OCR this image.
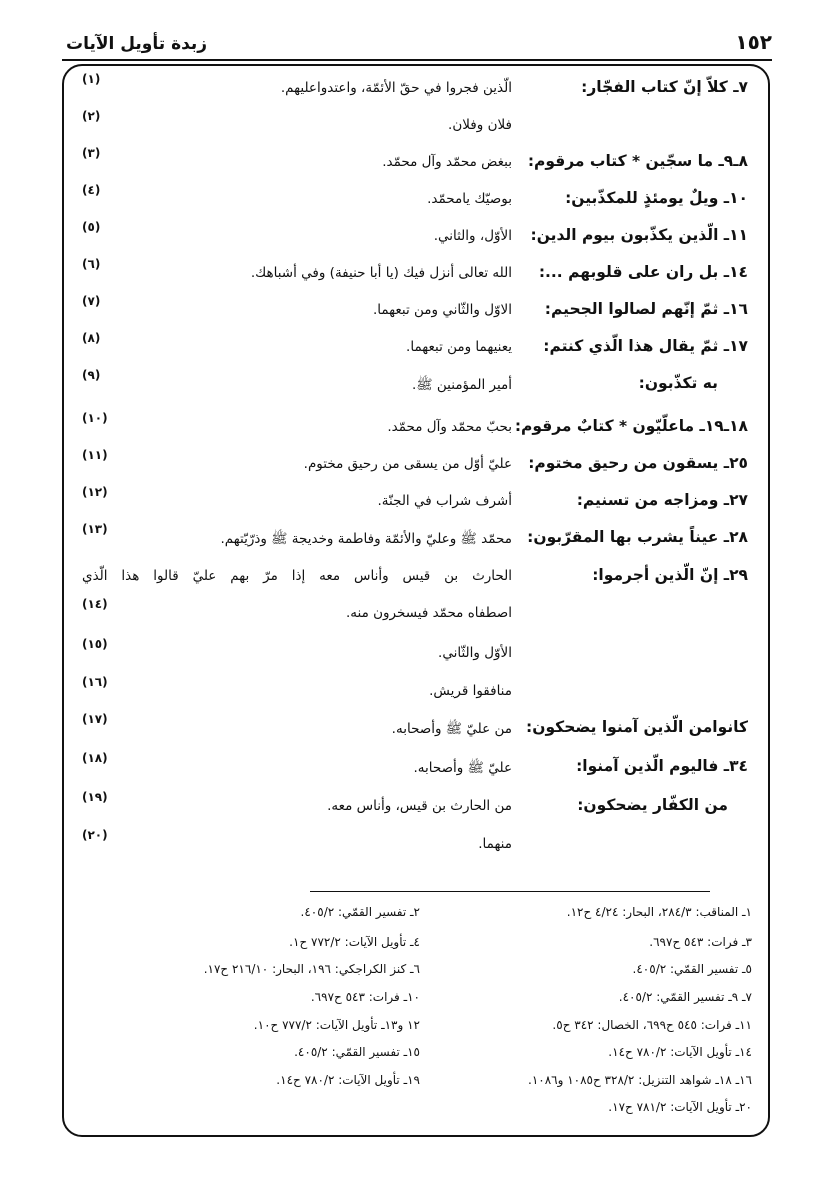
زبدة تأويل الآيات	١٥٢
٧ـ كلاّ إنّ كتاب الفجّار:
الّذين فجروا في حقّ الأئمّة، واعتدواعليهم.
(١)
فلان وفلان.
(٢)
٨ـ٩ـ ما سجّين * كتاب مرقوم:
ببغض محمّد وآل محمّد.
(٣)
١٠ـ ويلٌ يومئذٍ للمكذّبين:
بوصيّك يامحمّد.
(٤)
١١ـ الّذين يكذّبون بيوم الدين:
الأوّل، والثاني.
(٥)
١٤ـ بل ران على قلوبهم ...:
الله تعالى أنزل فيك (يا أبا حنيفة) وفي أشباهك.
(٦)
١٦ـ ثمّ إنّهم لصالوا الجحيم:
الاوّل والثّاني ومن تبعهما.
(٧)
١٧ـ ثمّ يقال هذا الّذي كنتم:
يعنيهما ومن تبعهما.
(٨)
به تكذّبون:
أمير المؤمنين ﷺ.
(٩)
١٨ـ١٩ـ ماعلّيّون * كتابٌ مرقوم:
بحبّ محمّد وآل محمّد.
(١٠)
٢٥ـ يسقون من رحيق مختوم:
عليّ أوّل من يسقى من رحيق مختوم.
(١١)
٢٧ـ ومزاجه من تسنيم:
أشرف شراب في الجنّة.
(١٢)
٢٨ـ عيناً يشرب بها المقرّبون:
محمّد ﷺ وعليّ والأئمّة وفاطمة وخديجة ﷺ وذرّيّتهم.
(١٣)
٢٩ـ إنّ الّذين أجرموا:
الحارث بن قيس وأناس معه إذا مرّ بهم عليّ قالوا هذا الّذي
اصطفاه محمّد فيسخرون منه.
(١٤)
الأوّل والثّاني.
(١٥)
منافقوا قريش.
(١٦)
كانوامن الّذين آمنوا يضحكون:
من عليّ ﷺ وأصحابه.
(١٧)
٣٤ـ فاليوم الّذين آمنوا:
عليّ ﷺ وأصحابه.
(١٨)
من الكفّار يضحكون:
من الحارث بن قيس، وأناس معه.
(١٩)
منهما.
(٢٠)
١ـ المناقب: ٢٨٤/٣، البحار: ٤/٢٤ ح١٢.
٣ـ فرات: ٥٤٣ ح٦٩٧.
٥ـ تفسير القمّي: ٤٠٥/٢.
٧ـ ٩ـ تفسير القمّي: ٤٠٥/٢.
١١ـ فرات: ٥٤٥ ح٦٩٩، الخصال: ٣٤٢ ح٥.
١٤ـ تأويل الآيات: ٧٨٠/٢ ح١٤.
١٦ـ ١٨ـ شواهد التنزيل: ٣٢٨/٢ ح١٠٨٥ و١٠٨٦.
٢٠ـ تأويل الآيات: ٧٨١/٢ ح١٧.
٢ـ تفسير القمّي: ٤٠٥/٢.
٤ـ تأويل الآيات: ٧٧٢/٢ ح١.
٦ـ كنز الكراجكي: ١٩٦، البحار: ٢١٦/١٠ ح١٧.
١٠ـ فرات: ٥٤٣ ح٦٩٧.
١٢ و١٣ـ تأويل الآيات: ٧٧٧/٢ ح١٠.
١٥ـ تفسير القمّي: ٤٠٥/٢.
١٩ـ تأويل الآيات: ٧٨٠/٢ ح١٤.
